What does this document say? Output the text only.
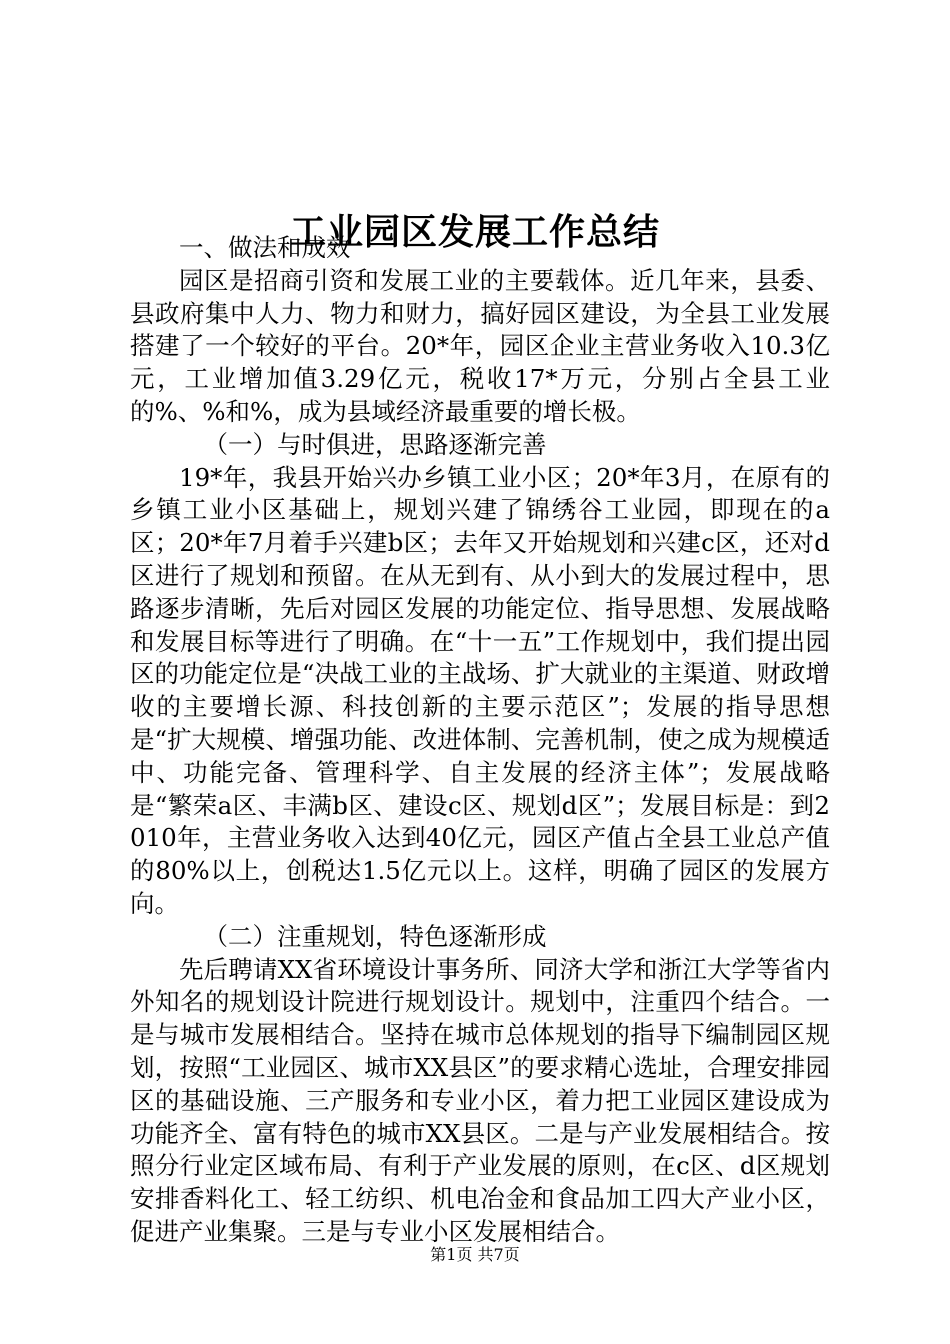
工业园区发展工作总结

一、做法和成效

园区是招商引资和发展工业的主要载体。近几年来，县委、县政府集中人力、物力和财力，搞好园区建设，为全县工业发展搭建了一个较好的平台。20*年，园区企业主营业务收入10.3亿元，工业增加值3.29亿元，税收17*万元，分别占全县工业的%、%和%，成为县域经济最重要的增长极。

（一）与时俱进，思路逐渐完善

19*年，我县开始兴办乡镇工业小区；20*年3月，在原有的乡镇工业小区基础上，规划兴建了锦绣谷工业园，即现在的a区；20*年7月着手兴建b区；去年又开始规划和兴建c区，还对d区进行了规划和预留。在从无到有、从小到大的发展过程中，思路逐步清晰，先后对园区发展的功能定位、指导思想、发展战略和发展目标等进行了明确。在“十一五”工作规划中，我们提出园区的功能定位是“决战工业的主战场、扩大就业的主渠道、财政增收的主要增长源、科技创新的主要示范区”；发展的指导思想是“扩大规模、增强功能、改进体制、完善机制，使之成为规模适中、功能完备、管理科学、自主发展的经济主体”；发展战略是“繁荣a区、丰满b区、建设c区、规划d区”；发展目标是：到2010年，主营业务收入达到40亿元，园区产值占全县工业总产值的80%以上，创税达1.5亿元以上。这样，明确了园区的发展方向。

（二）注重规划，特色逐渐形成

先后聘请XX省环境设计事务所、同济大学和浙江大学等省内外知名的规划设计院进行规划设计。规划中，注重四个结合。一是与城市发展相结合。坚持在城市总体规划的指导下编制园区规划，按照“工业园区、城市XX县区”的要求精心选址，合理安排园区的基础设施、三产服务和专业小区，着力把工业园区建设成为功能齐全、富有特色的城市XX县区。二是与产业发展相结合。按照分行业定区域布局、有利于产业发展的原则，在c区、d区规划安排香料化工、轻工纺织、机电冶金和食品加工四大产业小区，促进产业集聚。三是与专业小区发展相结合。

第1页 共7页
